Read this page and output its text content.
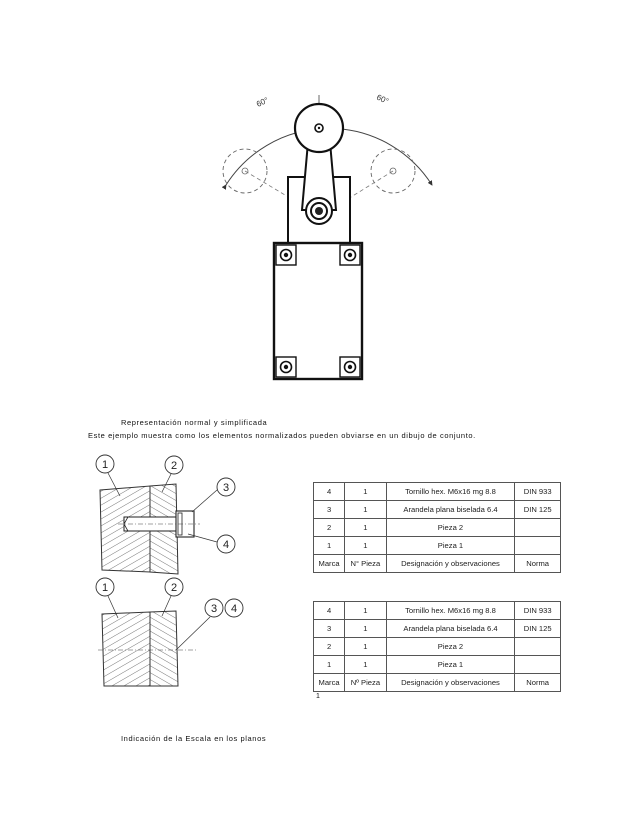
60°	60°
Representación normal y simplificada
Este ejemplo muestra como los elementos normalizados pueden obviarse en un dibujo de conjunto.
1	2
3
4
1	2
3 4
4	1	Tornillo hex. M6x16 mg 8.8	DIN 933
3	1	Arandela plana biselada 6.4	DIN 125
2	1	Pieza 2	
1	1	Pieza 1	
Marca	N° Pieza	Designación y observaciones	Norma
4	1	Tornillo hex. M6x16 mg 8.8	DIN 933
3	1	Arandela plana biselada 6.4	DIN 125
2	1	Pieza 2	
1	1	Pieza 1	
Marca	Nº Pieza	Designación y observaciones	Norma
1
Indicación de la Escala en los planos
